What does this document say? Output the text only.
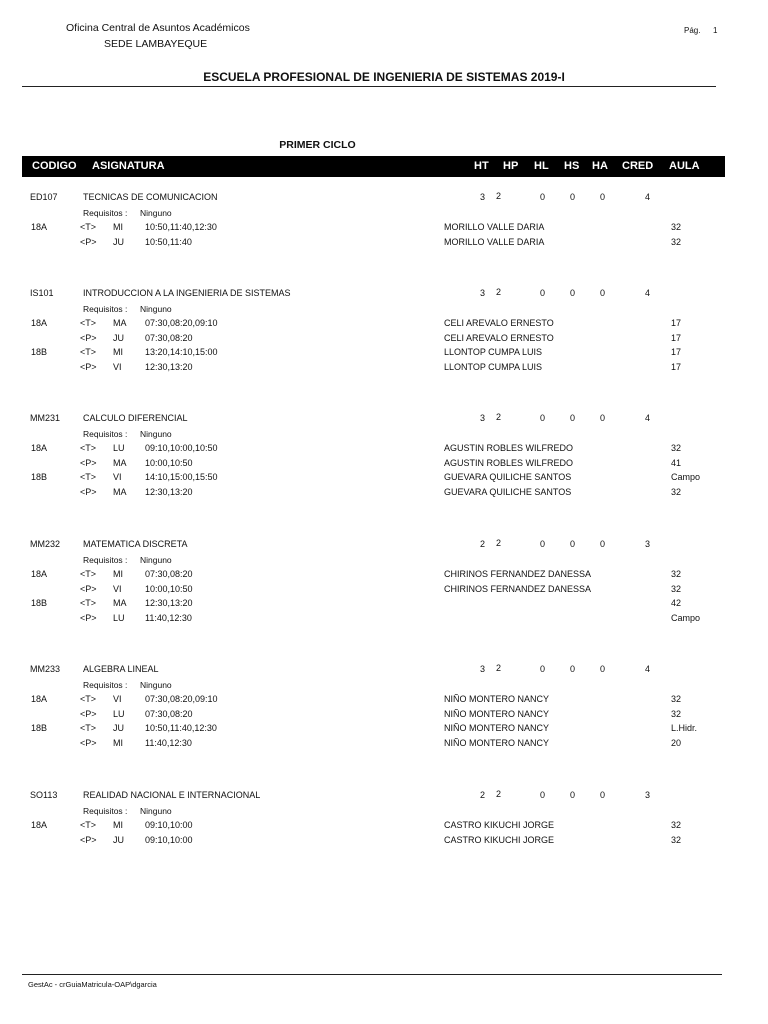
Oficina Central de Asuntos Académicos
SEDE LAMBAYEQUE
Pág. 1
ESCUELA PROFESIONAL DE INGENIERIA DE SISTEMAS 2019-I
PRIMER CICLO
CODIGO ASIGNATURA	HT HP HL HS HA CRED AULA
ED107	TECNICAS DE COMUNICACION	3 2	0	0	0	4
Requisitos : Ninguno
18A	<T> MI 10:50,11:40,12:30	MORILLO VALLE DARIA	32
<P> JU 10:50,11:40	MORILLO VALLE DARIA	32
IS101	INTRODUCCION A LA INGENIERIA DE SISTEMAS	3 2	0	0	0	4
Requisitos : Ninguno
18A	<T> MA 07:30,08:20,09:10	CELI AREVALO ERNESTO	17
<P> JU 07:30,08:20	CELI AREVALO ERNESTO	17
18B	<T> MI 13:20,14:10,15:00	LLONTOP CUMPA LUIS	17
<P> VI	12:30,13:20	LLONTOP CUMPA LUIS	17
MM231	CALCULO DIFERENCIAL	3 2	0	0	0	4
Requisitos : Ninguno
18A	<T> LU 09:10,10:00,10:50	AGUSTIN ROBLES WILFREDO	32
<P> MA 10:00,10:50	AGUSTIN ROBLES WILFREDO	41
18B	<T> VI	14:10,15:00,15:50	GUEVARA QUILICHE SANTOS	Campo
<P> MA 12:30,13:20	GUEVARA QUILICHE SANTOS	32
MM232	MATEMATICA DISCRETA	2 2	0	0	0	3
Requisitos : Ninguno
18A	<T> MI 07:30,08:20	CHIRINOS FERNANDEZ DANESSA	32
<P> VI	10:00,10:50	CHIRINOS FERNANDEZ DANESSA	32
18B	<T> MA 12:30,13:20	42
<P> LU 11:40,12:30	Campo
MM233	ALGEBRA LINEAL	3 2	0	0	0	4
Requisitos : Ninguno
18A	<T> VI	07:30,08:20,09:10	NIÑO MONTERO NANCY	32
<P> LU 07:30,08:20	NIÑO MONTERO NANCY	32
18B	<T> JU 10:50,11:40,12:30	NIÑO MONTERO NANCY	L.Hidr.
<P> MI 11:40,12:30	NIÑO MONTERO NANCY	20
SO113	REALIDAD NACIONAL E INTERNACIONAL	2 2	0	0	0	3
Requisitos : Ninguno
18A	<T> MI 09:10,10:00	CASTRO KIKUCHI JORGE	32
<P> JU 09:10,10:00	CASTRO KIKUCHI JORGE	32
GestAc - crGuiaMatricula-OAP\dgarcia
